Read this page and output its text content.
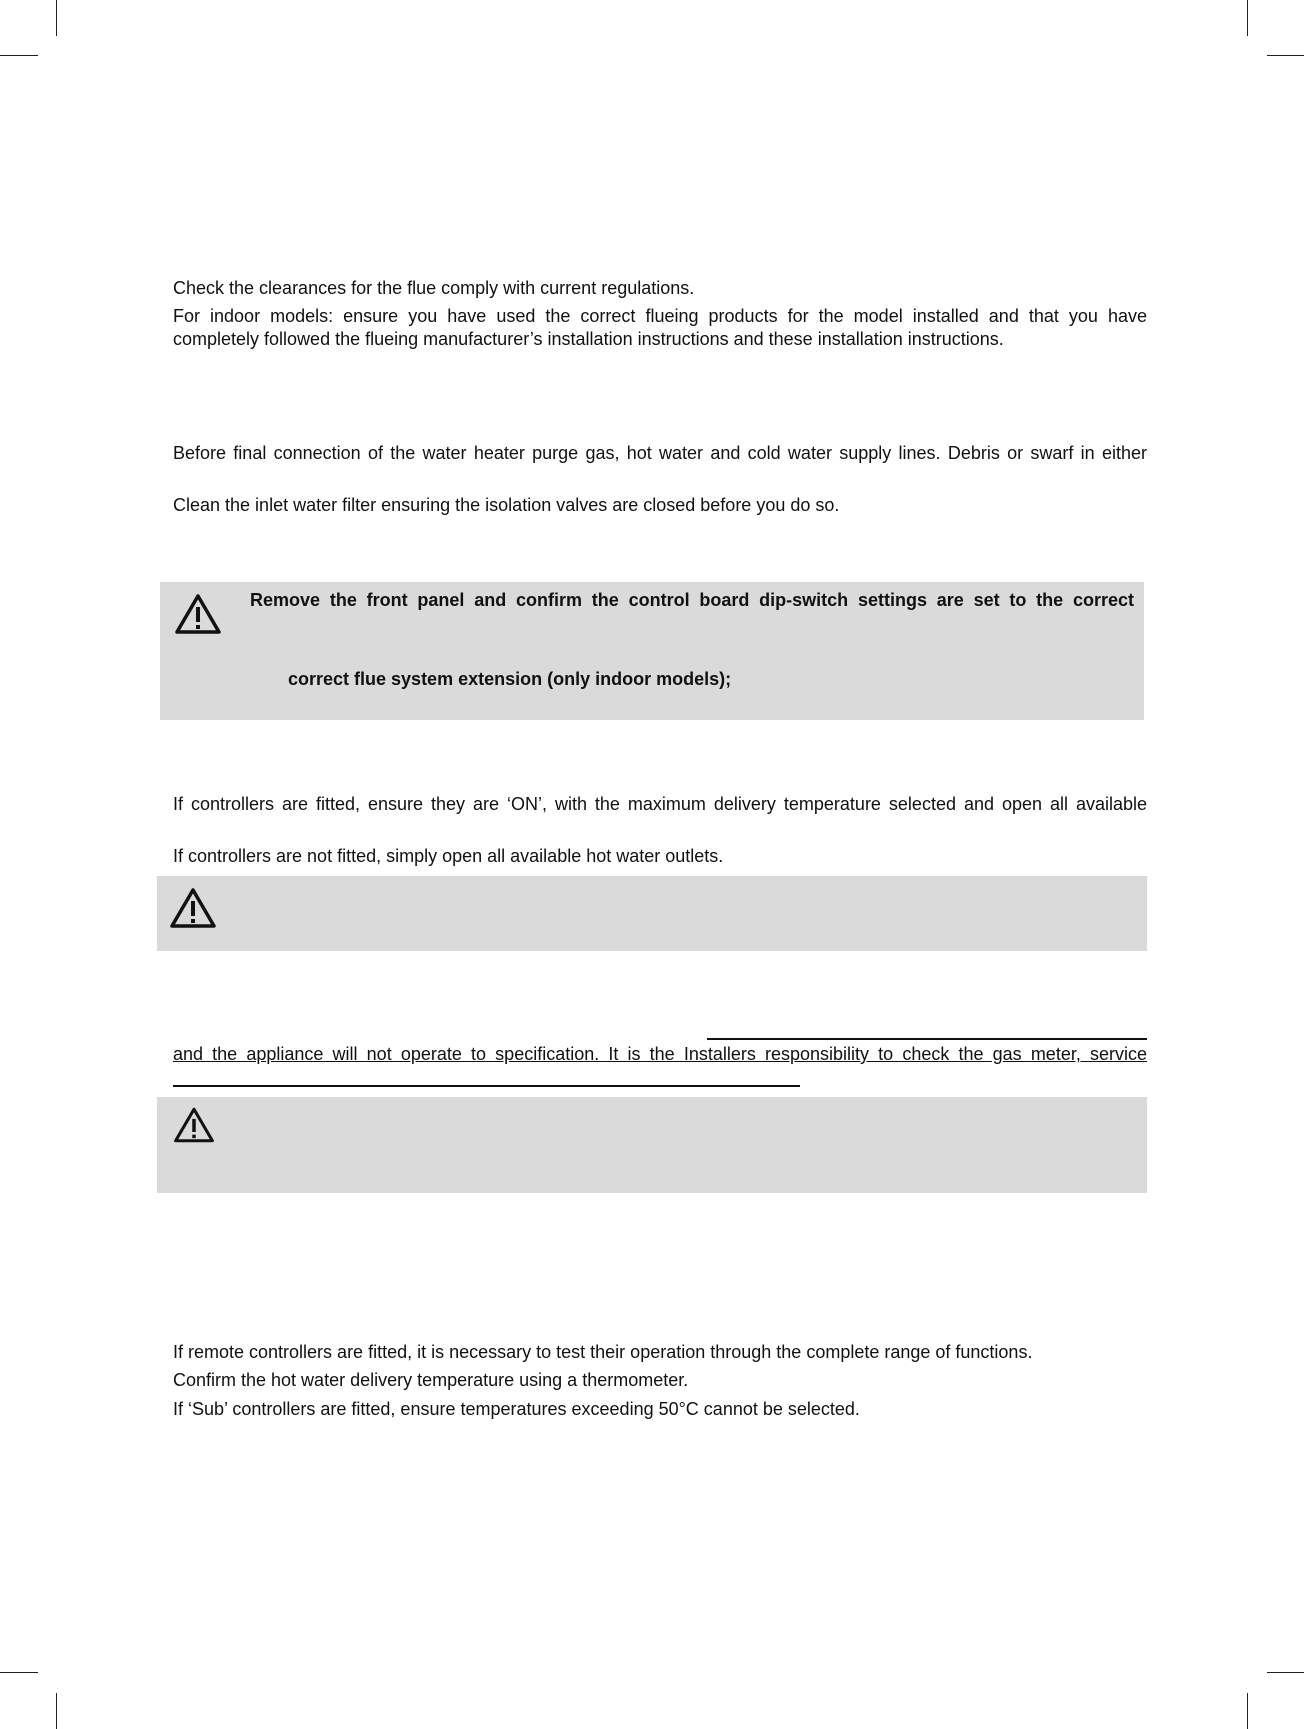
Check the clearances for the flue comply with current regulations.
For indoor models: ensure you have used the correct flueing products for the model installed and that you have
completely followed the flueing manufacturer’s installation instructions and these installation instructions.
Before final connection of the water heater purge gas, hot water and cold water supply lines. Debris or swarf in either
Clean the inlet water filter ensuring the isolation valves are closed before you do so.
Remove the front panel and confirm the control board dip-switch settings are set to the correct
correct flue system extension (only indoor models);
If controllers are fitted, ensure they are ‘ON’, with the maximum delivery temperature selected and open all available
If controllers are not fitted, simply open all available hot water outlets.
and the appliance will not operate to specification. It is the Installers responsibility to check the gas meter, service
If remote controllers are fitted, it is necessary to test their operation through the complete range of functions.
Confirm the hot water delivery temperature using a thermometer.
If ‘Sub’ controllers are fitted, ensure temperatures exceeding 50°C cannot be selected.
